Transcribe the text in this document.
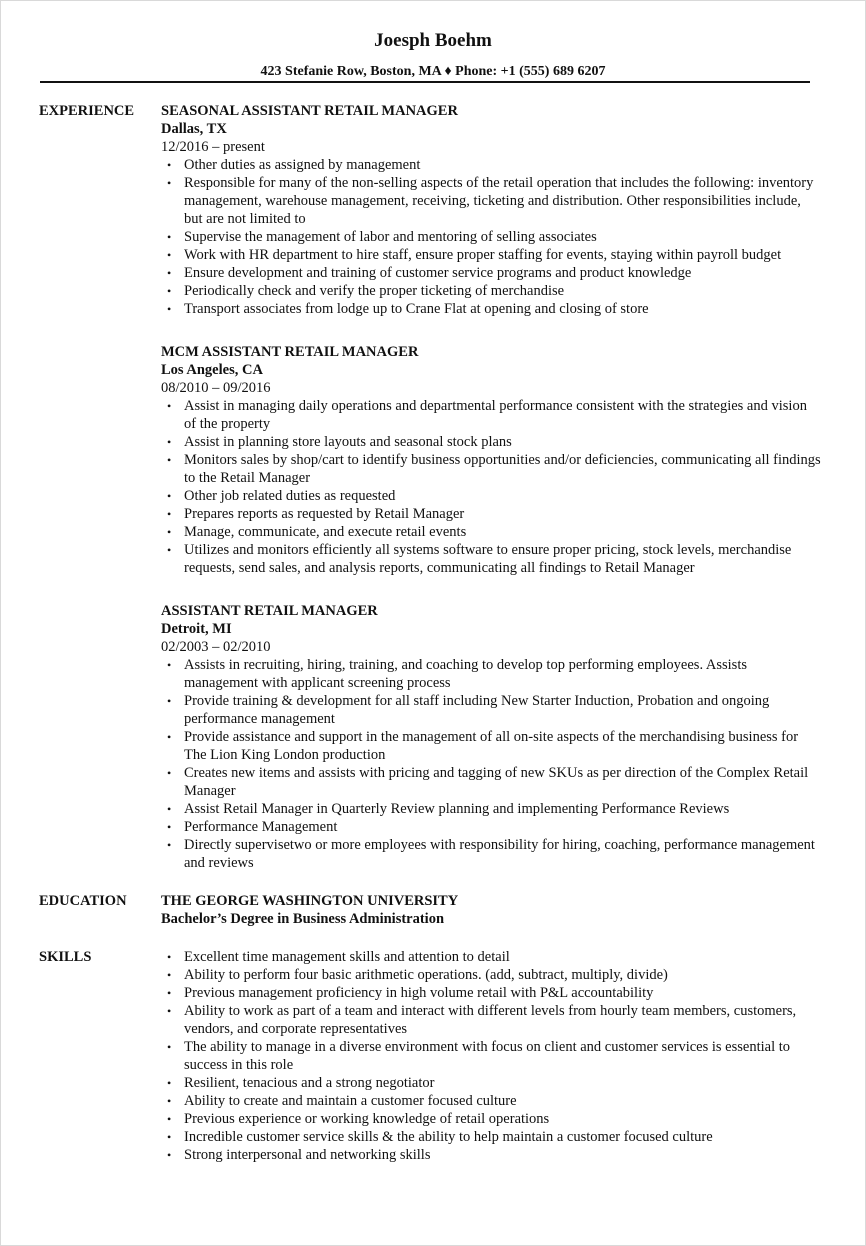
Joesph Boehm
423 Stefanie Row, Boston, MA ♦ Phone: +1 (555) 689 6207
EXPERIENCE SEASONAL ASSISTANT RETAIL MANAGER
Dallas, TX
12/2016 – present
• Other duties as assigned by management
• Responsible for many of the non-selling aspects of the retail operation that includes the following: inventory management, warehouse management, receiving, ticketing and distribution. Other responsibilities include, but are not limited to
• Supervise the management of labor and mentoring of selling associates
• Work with HR department to hire staff, ensure proper staffing for events, staying within payroll budget
• Ensure development and training of customer service programs and product knowledge
• Periodically check and verify the proper ticketing of merchandise
• Transport associates from lodge up to Crane Flat at opening and closing of store
MCM ASSISTANT RETAIL MANAGER
Los Angeles, CA
08/2010 – 09/2016
• Assist in managing daily operations and departmental performance consistent with the strategies and vision of the property
• Assist in planning store layouts and seasonal stock plans
• Monitors sales by shop/cart to identify business opportunities and/or deficiencies, communicating all findings to the Retail Manager
• Other job related duties as requested
• Prepares reports as requested by Retail Manager
• Manage, communicate, and execute retail events
• Utilizes and monitors efficiently all systems software to ensure proper pricing, stock levels, merchandise requests, send sales, and analysis reports, communicating all findings to Retail Manager
ASSISTANT RETAIL MANAGER
Detroit, MI
02/2003 – 02/2010
• Assists in recruiting, hiring, training, and coaching to develop top performing employees. Assists management with applicant screening process
• Provide training & development for all staff including New Starter Induction, Probation and ongoing performance management
• Provide assistance and support in the management of all on-site aspects of the merchandising business for The Lion King London production
• Creates new items and assists with pricing and tagging of new SKUs as per direction of the Complex Retail Manager
• Assist Retail Manager in Quarterly Review planning and implementing Performance Reviews
• Performance Management
• Directly supervisetwo or more employees with responsibility for hiring, coaching, performance management and reviews
EDUCATION THE GEORGE WASHINGTON UNIVERSITY
Bachelor’s Degree in Business Administration
SKILLS	• Excellent time management skills and attention to detail
• Ability to perform four basic arithmetic operations. (add, subtract, multiply, divide)
• Previous management proficiency in high volume retail with P&L accountability
• Ability to work as part of a team and interact with different levels from hourly team members, customers, vendors, and corporate representatives
• The ability to manage in a diverse environment with focus on client and customer services is essential to success in this role
• Resilient, tenacious and a strong negotiator
• Ability to create and maintain a customer focused culture
• Previous experience or working knowledge of retail operations
• Incredible customer service skills & the ability to help maintain a customer focused culture
• Strong interpersonal and networking skills
